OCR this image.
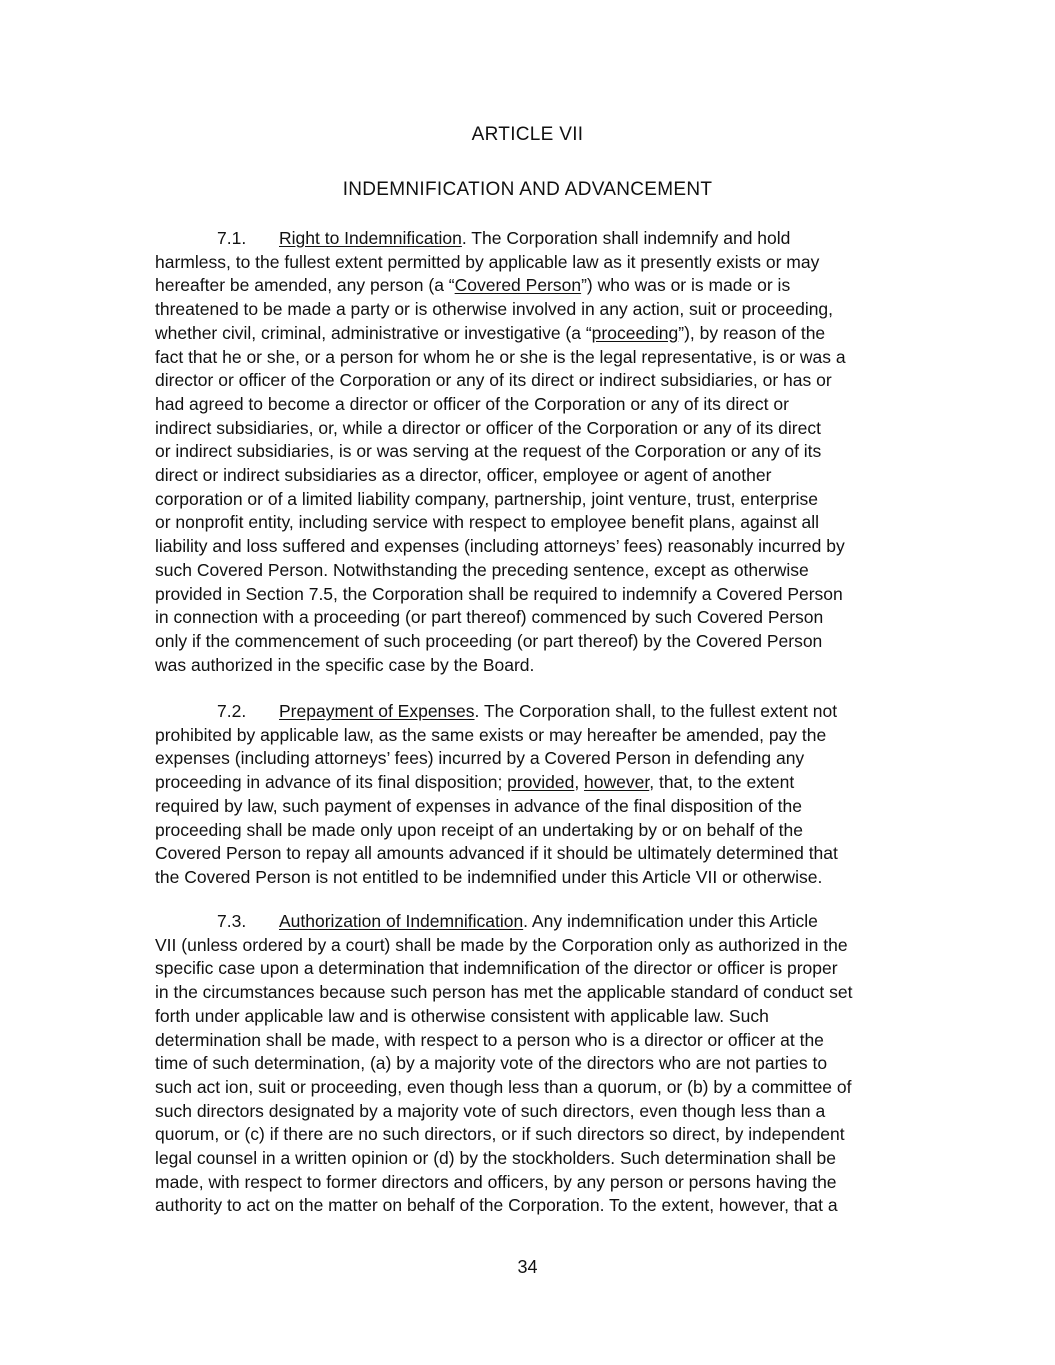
ARTICLE VII
INDEMNIFICATION AND ADVANCEMENT
7.1. Right to Indemnification. The Corporation shall indemnify and hold
harmless, to the fullest extent permitted by applicable law as it presently exists or may
hereafter be amended, any person (a “Covered Person”) who was or is made or is
threatened to be made a party or is otherwise involved in any action, suit or proceeding,
whether civil, criminal, administrative or investigative (a “proceeding”), by reason of the
fact that he or she, or a person for whom he or she is the legal representative, is or was a
director or officer of the Corporation or any of its direct or indirect subsidiaries, or has or
had agreed to become a director or officer of the Corporation or any of its direct or
indirect subsidiaries, or, while a director or officer of the Corporation or any of its direct
or indirect subsidiaries, is or was serving at the request of the Corporation or any of its
direct or indirect subsidiaries as a director, officer, employee or agent of another
corporation or of a limited liability company, partnership, joint venture, trust, enterprise
or nonprofit entity, including service with respect to employee benefit plans, against all
liability and loss suffered and expenses (including attorneys’ fees) reasonably incurred by
such Covered Person. Notwithstanding the preceding sentence, except as otherwise
provided in Section 7.5, the Corporation shall be required to indemnify a Covered Person
in connection with a proceeding (or part thereof) commenced by such Covered Person
only if the commencement of such proceeding (or part thereof) by the Covered Person
was authorized in the specific case by the Board.
7.2. Prepayment of Expenses. The Corporation shall, to the fullest extent not
prohibited by applicable law, as the same exists or may hereafter be amended, pay the
expenses (including attorneys’ fees) incurred by a Covered Person in defending any
proceeding in advance of its final disposition; provided, however, that, to the extent
required by law, such payment of expenses in advance of the final disposition of the
proceeding shall be made only upon receipt of an undertaking by or on behalf of the
Covered Person to repay all amounts advanced if it should be ultimately determined that
the Covered Person is not entitled to be indemnified under this Article VII or otherwise.
7.3. Authorization of Indemnification. Any indemnification under this Article
VII (unless ordered by a court) shall be made by the Corporation only as authorized in the
specific case upon a determination that indemnification of the director or officer is proper
in the circumstances because such person has met the applicable standard of conduct set
forth under applicable law and is otherwise consistent with applicable law. Such
determination shall be made, with respect to a person who is a director or officer at the
time of such determination, (a) by a majority vote of the directors who are not parties to
such act ion, suit or proceeding, even though less than a quorum, or (b) by a committee of
such directors designated by a majority vote of such directors, even though less than a
quorum, or (c) if there are no such directors, or if such directors so direct, by independent
legal counsel in a written opinion or (d) by the stockholders. Such determination shall be
made, with respect to former directors and officers, by any person or persons having the
authority to act on the matter on behalf of the Corporation. To the extent, however, that a
34
